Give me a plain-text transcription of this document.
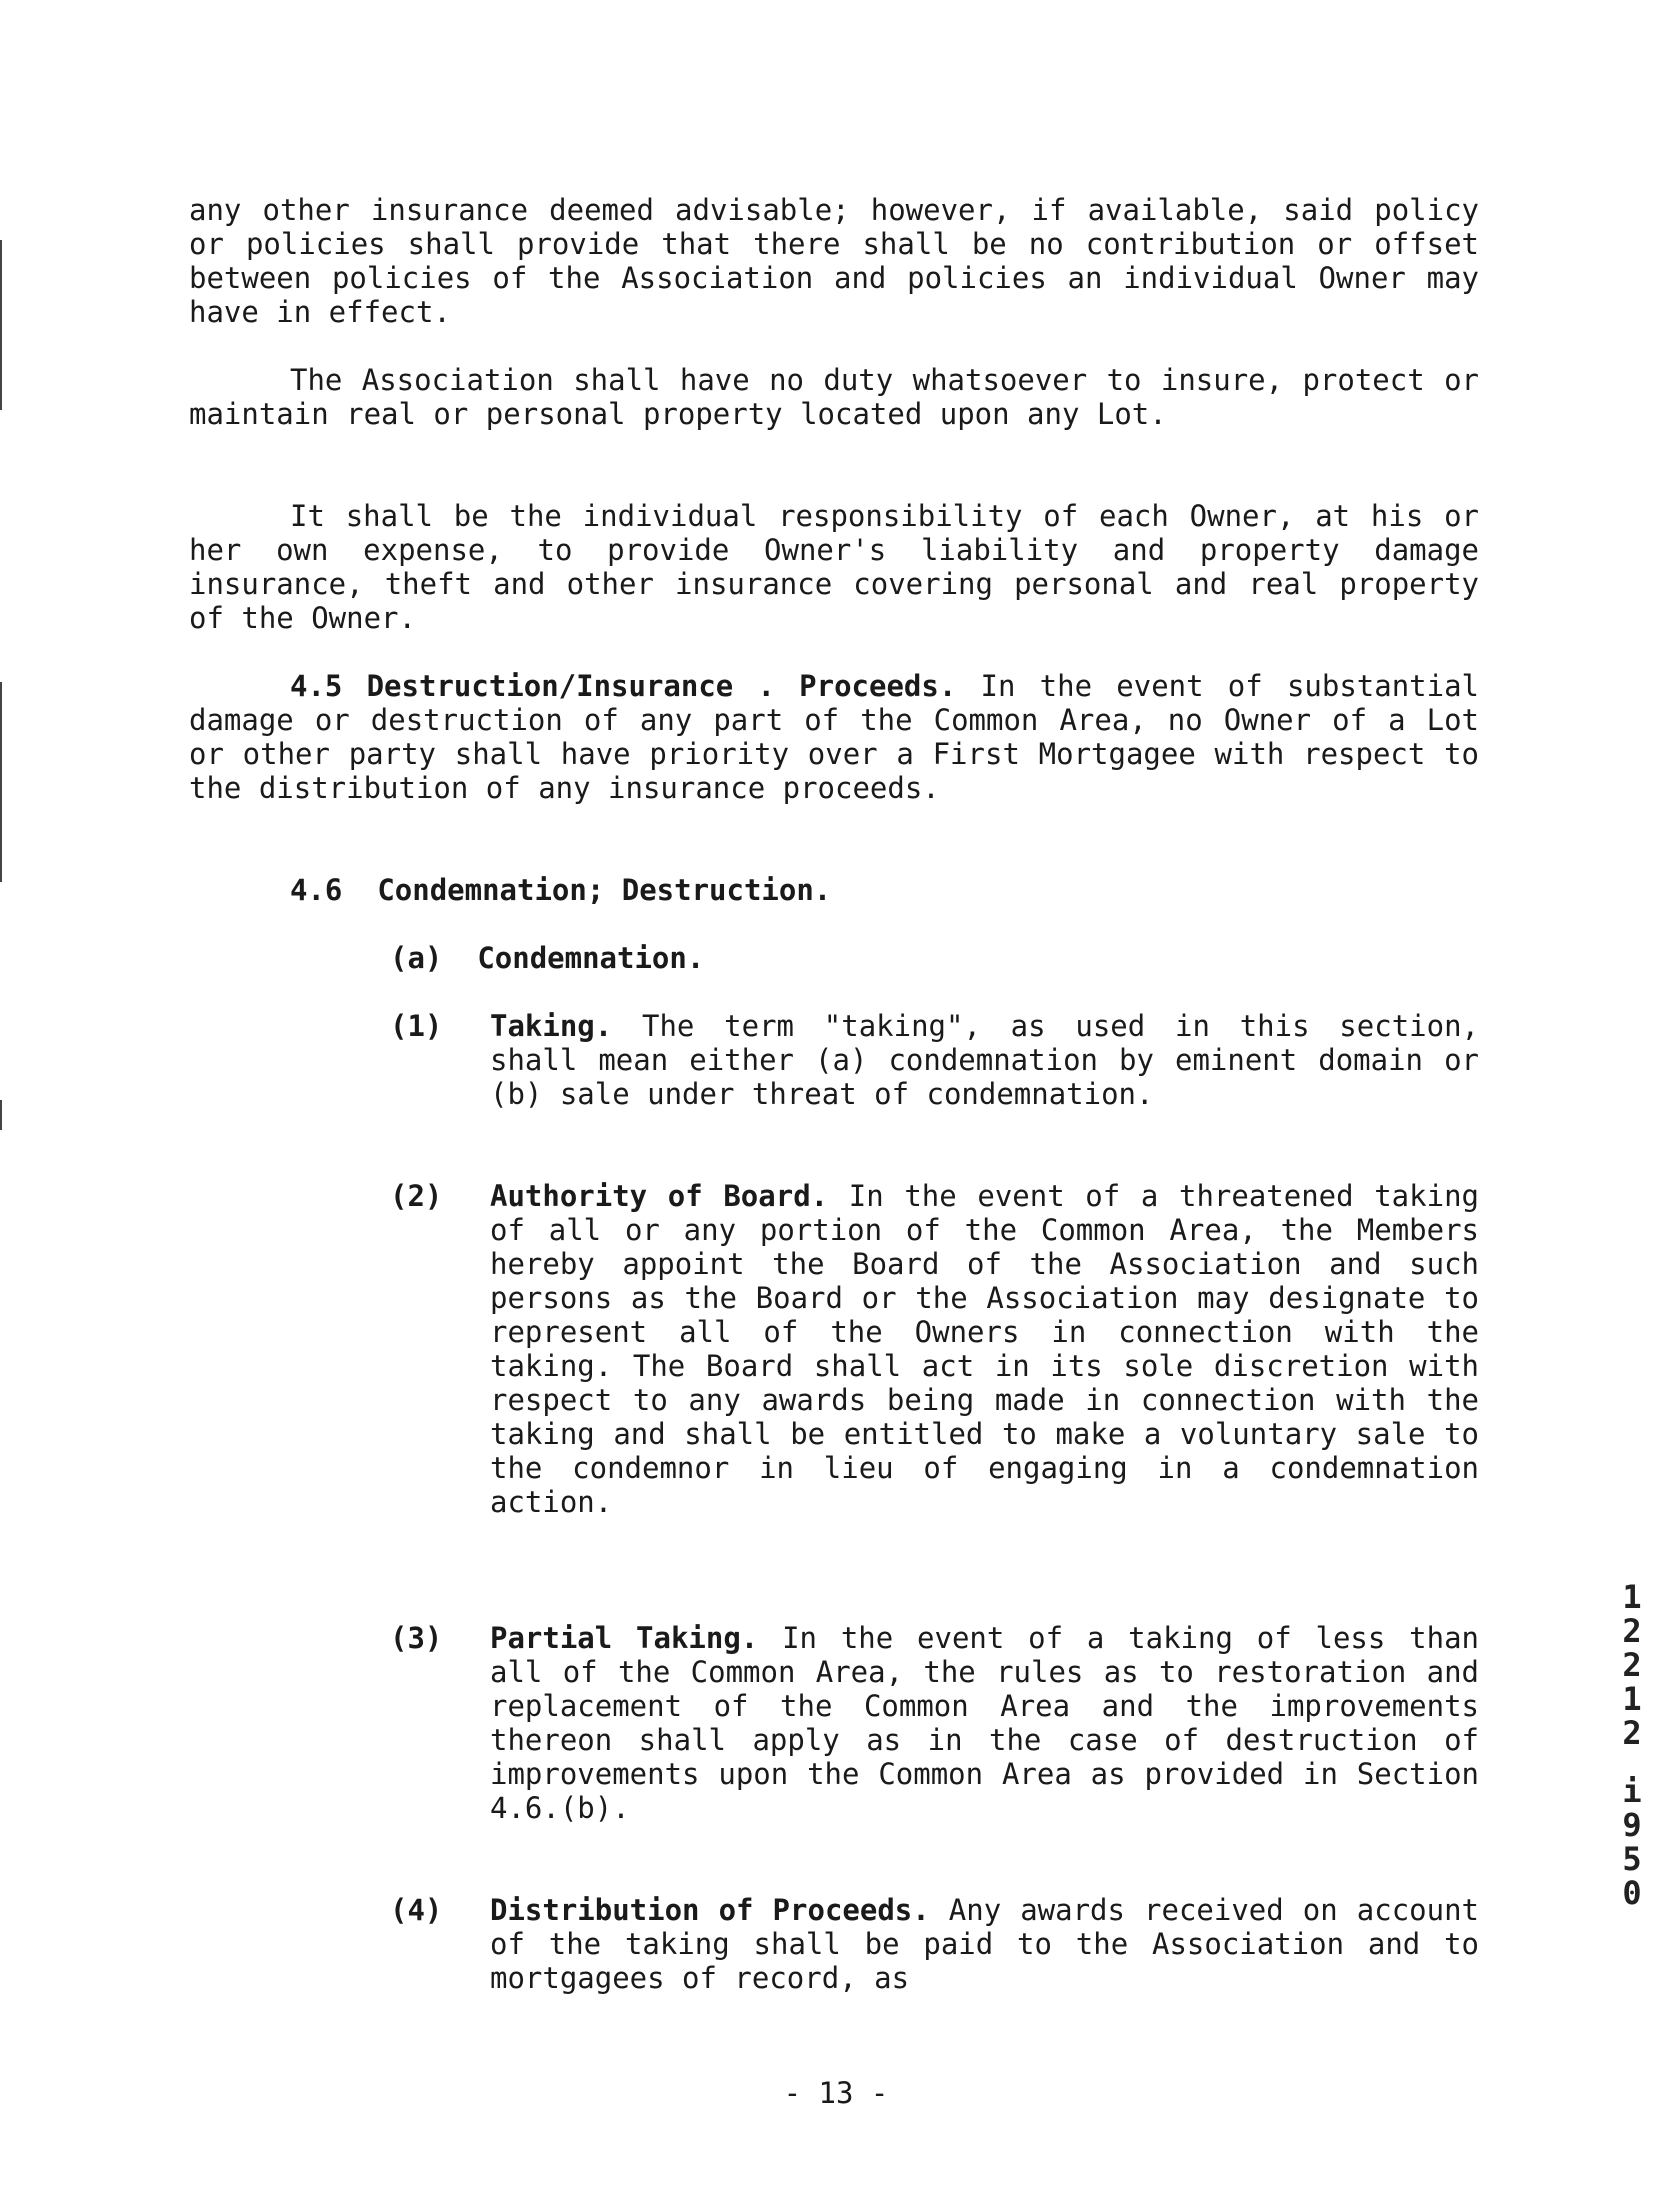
any other insurance deemed advisable; however, if available, said policy or policies shall provide that there shall be no contribution or offset between policies of the Association and policies an individual Owner may have in effect.

The Association shall have no duty whatsoever to insure, protect or maintain real or personal property located upon any Lot.

It shall be the individual responsibility of each Owner, at his or her own expense, to provide Owner's liability and property damage insurance, theft and other insurance covering personal and real property of the Owner.

4.5 Destruction/Insurance . Proceeds. In the event of substantial damage or destruction of any part of the Common Area, no Owner of a Lot or other party shall have priority over a First Mortgagee with respect to the distribution of any insurance proceeds.

4.6 Condemnation; Destruction.
(a) Condemnation.
(1) Taking. The term "taking", as used in this section, shall mean either (a) condemnation by eminent domain or (b) sale under threat of condemnation.

(2) Authority of Board. In the event of a threatened taking of all or any portion of the Common Area, the Members hereby appoint the Board of the Association and such persons as the Board or the Association may designate to represent all of the Owners in connection with the taking. The Board shall act in its sole discretion with respect to any awards being made in connection with the taking and shall be entitled to make a voluntary sale to the condemnor in lieu of engaging in a condemnation action.

(3) Partial Taking. In the event of a taking of less than all of the Common Area, the rules as to restoration and replacement of the Common Area and the improvements thereon shall apply as in the case of destruction of improvements upon the Common Area as provided in Section 4.6.(b).

(4) Distribution of Proceeds. Any awards received on account of the taking shall be paid to the Association and to mortgagees of record, as

1
2
2
1
2
i
9
5
0
- 13 -
